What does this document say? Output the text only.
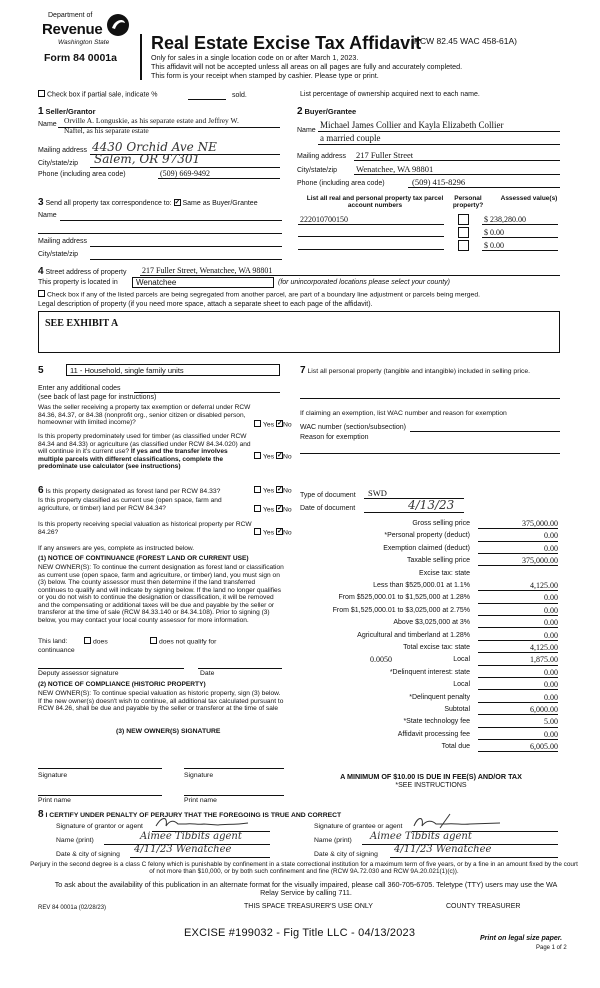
Department of
Revenue
Washington State
Form 84 0001a
Real Estate Excise Tax Affidavit
(RCW 82.45 WAC 458-61A)
Only for sales in a single location code on or after March 1, 2023.
This affidavit will not be accepted unless all areas on all pages are fully and accurately completed.
This form is your receipt when stamped by cashier. Please type or print.
Check box if partial sale, indicate %	sold.	List percentage of ownership acquired next to each name.
1 Seller/Grantor
Name Orville A. Longuskie, as his separate estate and Jeffrey W.
Naftel, as his separate estate
Mailing address 4430 Orchid Ave NE
City/state/zip Salem, OR 97301
Phone (including area code)	(509) 669-9492
2 Buyer/Grantee
Name
Michael James Collier and Kayla Elizabeth Collier
a married couple
Mailing address 217 Fuller Street
City/state/zip Wenatchee, WA 98801
Phone (including area code)	(509) 415-8296
3 Send all property tax correspondence to: ✓ Same as Buyer/Grantee
Name
Mailing address
City/state/zip
List all real and personal property tax parcel account numbers
Personal property?
Assessed value(s)
222010700150	$ 238,280.00
$ 0.00
$ 0.00
4 Street address of property 217 Fuller Street, Wenatchee, WA 98801
This property is located in	Wenatchee	(for unincorporated locations please select your county)
Check box if any of the listed parcels are being segregated from another parcel, are part of a boundary line adjustment or parcels being merged.
Legal description of property (if you need more space, attach a separate sheet to each page of the affidavit).
SEE EXHIBIT A
5	11 - Household, single family units
Enter any additional codes
(see back of last page for instructions)
Was the seller receiving a property tax exemption or deferral under RCW 84.36, 84.37, or 84.38 (nonprofit org., senior citizen or disabled person, homeowner with limited income)?	Yes ✓No
Is this property predominately used for timber (as classified under RCW 84.34 and 84.33) or agriculture (as classified under RCW 84.34.020) and will continue in it's current use? If yes and the transfer involves multiple parcels with different classifications, complete the predominate use calculator (see instructions)
Yes ✓No
7 List all personal property (tangible and intangible) included in selling price.
If claiming an exemption, list WAC number and reason for exemption
WAC number (section/subsection)
Reason for exemption
6 Is this property designated as forest land per RCW 84.33?	Yes ✓No
Is this property classified as current use (open space, farm and agriculture, or timber) land per RCW 84.34?	Yes ✓No
Is this property receiving special valuation as historical property per RCW 84.26?	Yes ✓No
If any answers are yes, complete as instructed below.
(1) NOTICE OF CONTINUANCE (FOREST LAND OR CURRENT USE)
NEW OWNER(S): To continue the current designation as forest land or classification as current use (open space, farm and agriculture, or timber) land, you must sign on (3) below. The county assessor must then determine if the land transferred continues to qualify and will indicate by signing below. If the land no longer qualifies or you do not wish to continue the designation or classification, it will be removed and the compensating or additional taxes will be due and payable by the seller or transferor at the time of sale (RCW 84.33.140 or 84.34.108). Prior to signing (3) below, you may contact your local county assessor for more information.
This land:	does	does not qualify for
continuance
Deputy assessor signature	Date
(2) NOTICE OF COMPLIANCE (HISTORIC PROPERTY)
NEW OWNER(S): To continue special valuation as historic property, sign (3) below. If the new owner(s) doesn't wish to continue, all additional tax calculated pursuant to RCW 84.26, shall be due and payable by the seller or transferor at the time of sale
(3) NEW OWNER(S) SIGNATURE
Signature	Signature
Print name	Print name
Type of document SWD
Date of document	4/13/23
Gross selling price	375,000.00
*Personal property (deduct)	0.00
Exemption claimed (deduct)	0.00
Taxable selling price	375,000.00
Excise tax: state
Less than $525,000.01 at 1.1%	4,125.00
From $525,000.01 to $1,525,000 at 1.28%	0.00
From $1,525,000.01 to $3,025,000 at 2.75%	0.00
Above $3,025,000 at 3%	0.00
Agricultural and timberland at 1.28%	0.00
Total excise tax: state	4,125.00
0.0050	Local	1,875.00
*Delinquent interest: state	0.00
Local	0.00
*Delinquent penalty	0.00
Subtotal	6,000.00
*State technology fee	5.00
Affidavit processing fee	0.00
Total due	6,005.00
A MINIMUM OF $10.00 IS DUE IN FEE(S) AND/OR TAX
*SEE INSTRUCTIONS
8 I CERTIFY UNDER PENALTY OF PERJURY THAT THE FOREGOING IS TRUE AND CORRECT
Signature of grantor or agent
Name (print)	Aimee Tibbits agent
Date & city of signing 4/11/23 Wenatchee
Signature of grantee or agent
Name (print) Aimee Tibbits agent
Date & city of signing 4/11/23 Wenatchee
Perjury in the second degree is a class C felony which is punishable by confinement in a state correctional institution for a maximum term of five years, or by a fine in an amount fixed by the court of not more than $10,000, or by both such confinement and fine (RCW 9A.72.030 and RCW 9A.20.021(1)(c)).
To ask about the availability of this publication in an alternate format for the visually impaired, please call 360-705-6705. Teletype (TTY) users may use the WA Relay Service by calling 711.
REV 84 0001a (02/28/23)	THIS SPACE TREASURER'S USE ONLY	COUNTY TREASURER
EXCISE #199032 - Fig Title LLC - 04/13/2023	Print on legal size paper.
Page 1 of 2
